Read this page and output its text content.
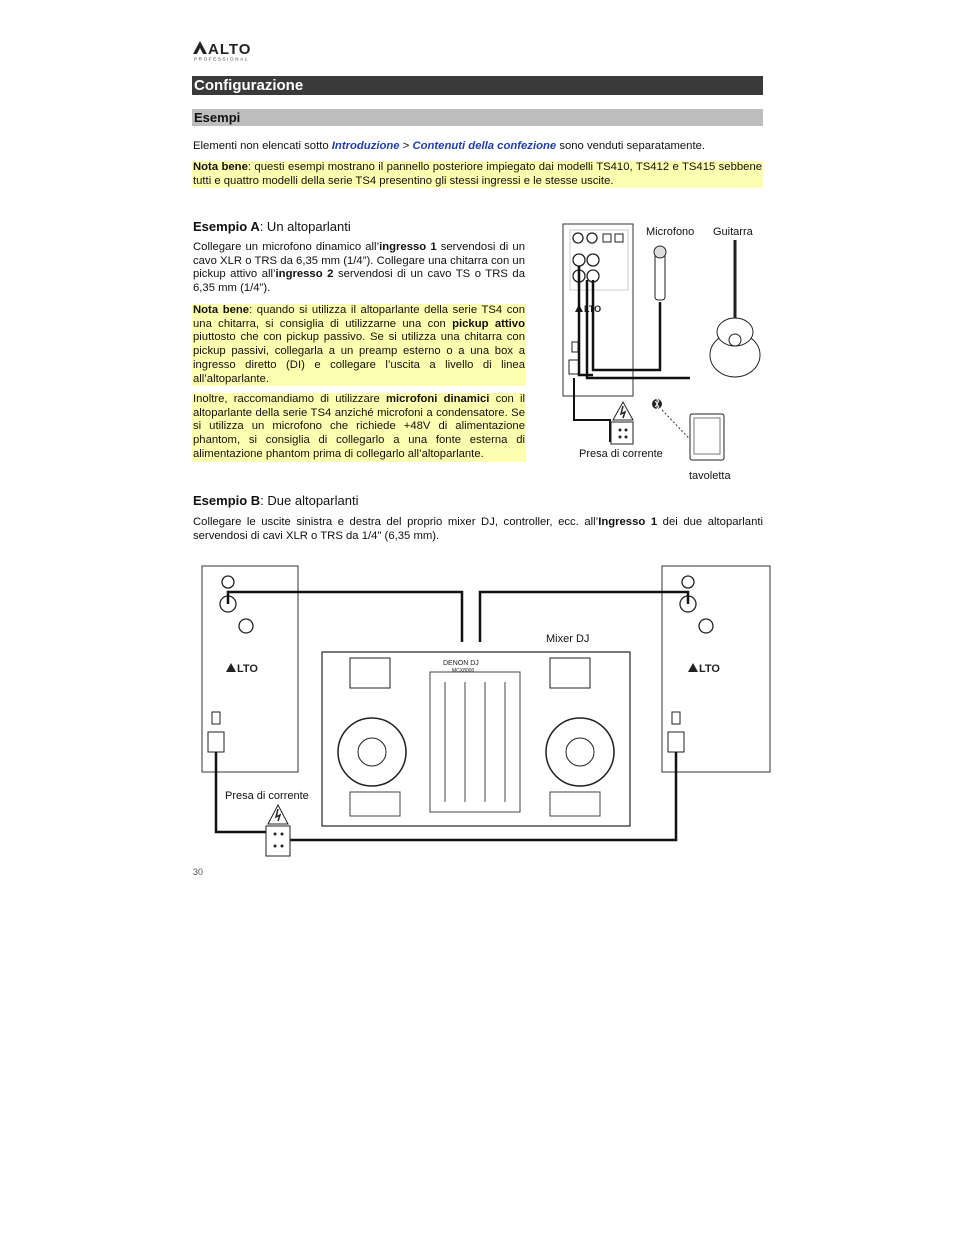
ALTO
PROFESSIONAL
Configurazione
Esempi
Elementi non elencati sotto Introduzione > Contenuti della confezione sono venduti separatamente.
Nota bene: questi esempi mostrano il pannello posteriore impiegato dai modelli TS410, TS412 e TS415 sebbene tutti e quattro modelli della serie TS4 presentino gli stessi ingressi e le stesse uscite.
Esempio A: Un altoparlanti
Collegare un microfono dinamico all’ingresso 1 servendosi di un cavo XLR o TRS da 6,35 mm (1/4”). Collegare una chitarra con un pickup attivo all’ingresso 2 servendosi di un cavo TS o TRS da 6,35 mm (1/4”).
Nota bene: quando si utilizza il altoparlante della serie TS4 con una chitarra, si consiglia di utilizzarne una con pickup attivo piuttosto che con pickup passivo. Se si utilizza una chitarra con pickup passivi, collegarla a un preamp esterno o a una box a ingresso diretto (DI) e collegare l’uscita a livello di linea all’altoparlante.
Inoltre, raccomandiamo di utilizzare microfoni dinamici con il altoparlante della serie TS4 anziché microfoni a condensatore. Se si utilizza un microfono che richiede +48V di alimentazione phantom, si consiglia di collegarlo a una fonte esterna di alimentazione phantom prima di collegarlo all’altoparlante.
LTO
Microfono Guitarra
Presa di corrente
tavoletta
Esempio B: Due altoparlanti
Collegare le uscite sinistra e destra del proprio mixer DJ, controller, ecc. all’Ingresso 1 dei due altoparlanti servendosi di cavi XLR o TRS da 1/4" (6,35 mm).
LTO	LTO
DENON DJ
MCX8000
Mixer DJ
Presa di corrente
30
